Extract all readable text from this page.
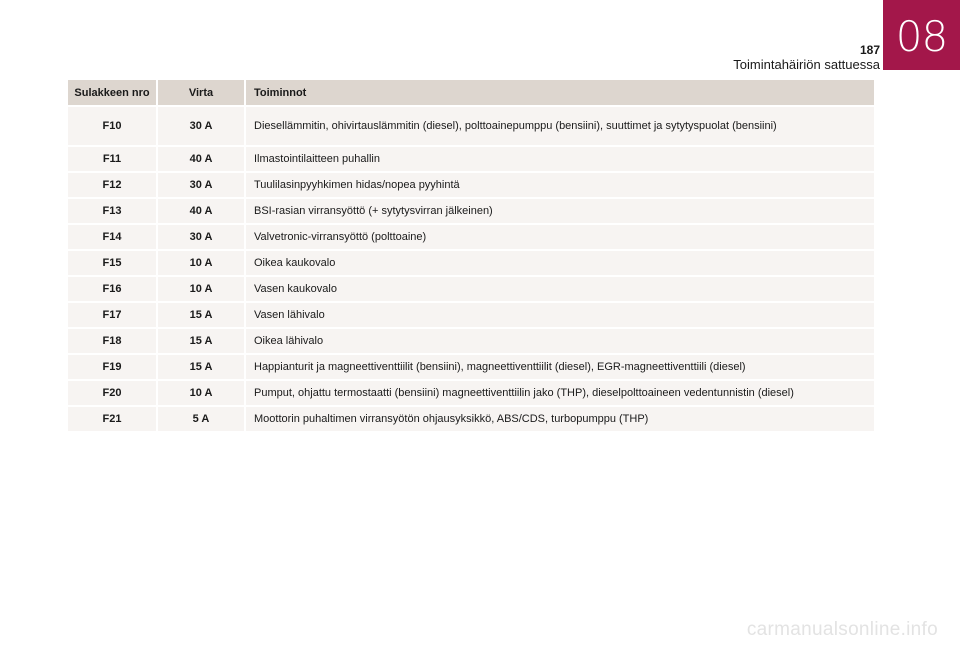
08
187
Toimintahäiriön sattuessa
Sulakkeen nro	Virta	Toiminnot
F10	30 A	Diesellämmitin, ohivirtauslämmitin (diesel), polttoainepumppu (bensiini), suuttimet ja sytytyspuolat (bensiini)
F11	40 A	Ilmastointilaitteen puhallin
F12	30 A	Tuulilasinpyyhkimen hidas/nopea pyyhintä
F13	40 A	BSI-rasian virransyöttö (+ sytytysvirran jälkeinen)
F14	30 A	Valvetronic-virransyöttö (polttoaine)
F15	10 A	Oikea kaukovalo
F16	10 A	Vasen kaukovalo
F17	15 A	Vasen lähivalo
F18	15 A	Oikea lähivalo
F19	15 A	Happianturit ja magneettiventtiilit (bensiini), magneettiventtiilit (diesel), EGR-magneettiventtiili (diesel)
F20	10 A	Pumput, ohjattu termostaatti (bensiini) magneettiventtiilin jako (THP), dieselpolttoaineen vedentunnistin (diesel)
F21	5 A	Moottorin puhaltimen virransyötön ohjausyksikkö, ABS/CDS, turbopumppu (THP)
carmanualsonline.info
